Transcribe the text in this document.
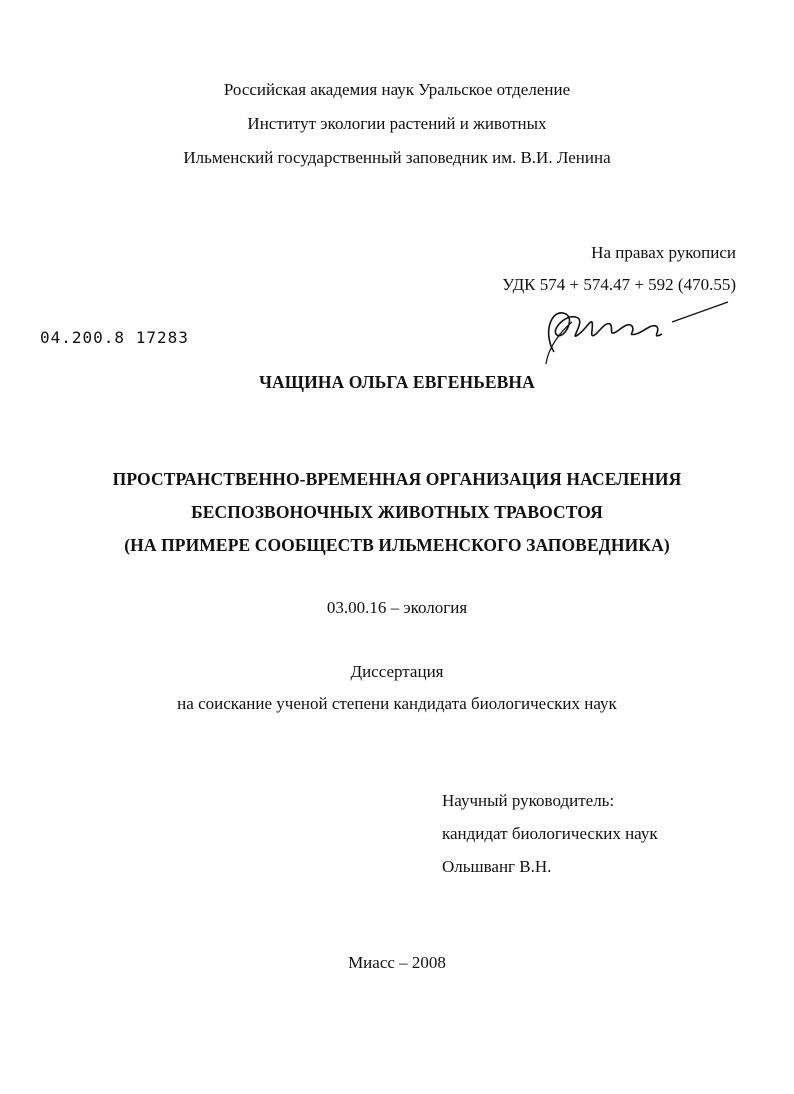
Российская академия наук Уральское отделение
Институт экологии растений и животных
Ильменский государственный заповедник им. В.И. Ленина
На правах рукописи
УДК 574 + 574.47 + 592 (470.55)
04.200.8 17283
ЧАЩИНА ОЛЬГА ЕВГЕНЬЕВНА
ПРОСТРАНСТВЕННО-ВРЕМЕННАЯ ОРГАНИЗАЦИЯ НАСЕЛЕНИЯ
БЕСПОЗВОНОЧНЫХ ЖИВОТНЫХ ТРАВОСТОЯ
(НА ПРИМЕРЕ СООБЩЕСТВ ИЛЬМЕНСКОГО ЗАПОВЕДНИКА)
03.00.16 – экология
Диссертация
на соискание ученой степени кандидата биологических наук
Научный руководитель:
кандидат биологических наук
Ольшванг В.Н.
Миасс – 2008
